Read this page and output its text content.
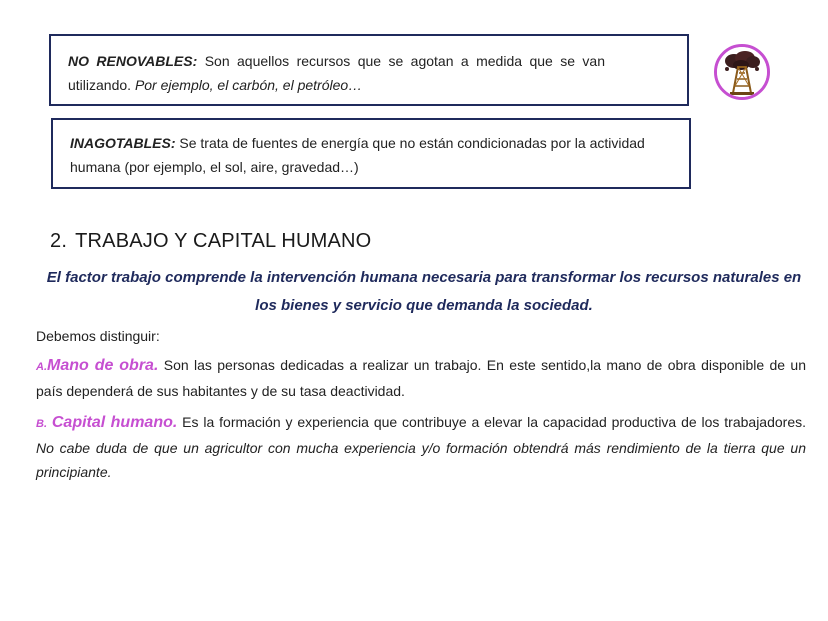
NO RENOVABLES: Son aquellos recursos que se agotan a medida que se van utilizando. Por ejemplo, el carbón, el petróleo…
INAGOTABLES: Se trata de fuentes de energía que no están condicionadas por la actividad humana (por ejemplo, el sol, aire, gravedad…)
2. TRABAJO Y CAPITAL HUMANO
El factor trabajo comprende la intervención humana necesaria para transformar los recursos naturales en los bienes y servicio que demanda la sociedad.
Debemos distinguir:
A.Mano de obra. Son las personas dedicadas a realizar un trabajo. En este sentido,la mano de obra disponible de un país dependerá de sus habitantes y de su tasa deactividad.
B. Capital humano. Es la formación y experiencia que contribuye a elevar la capacidad productiva de los trabajadores. No cabe duda de que un agricultor con mucha experiencia y/o formación obtendrá más rendimiento de la tierra que un principiante.
